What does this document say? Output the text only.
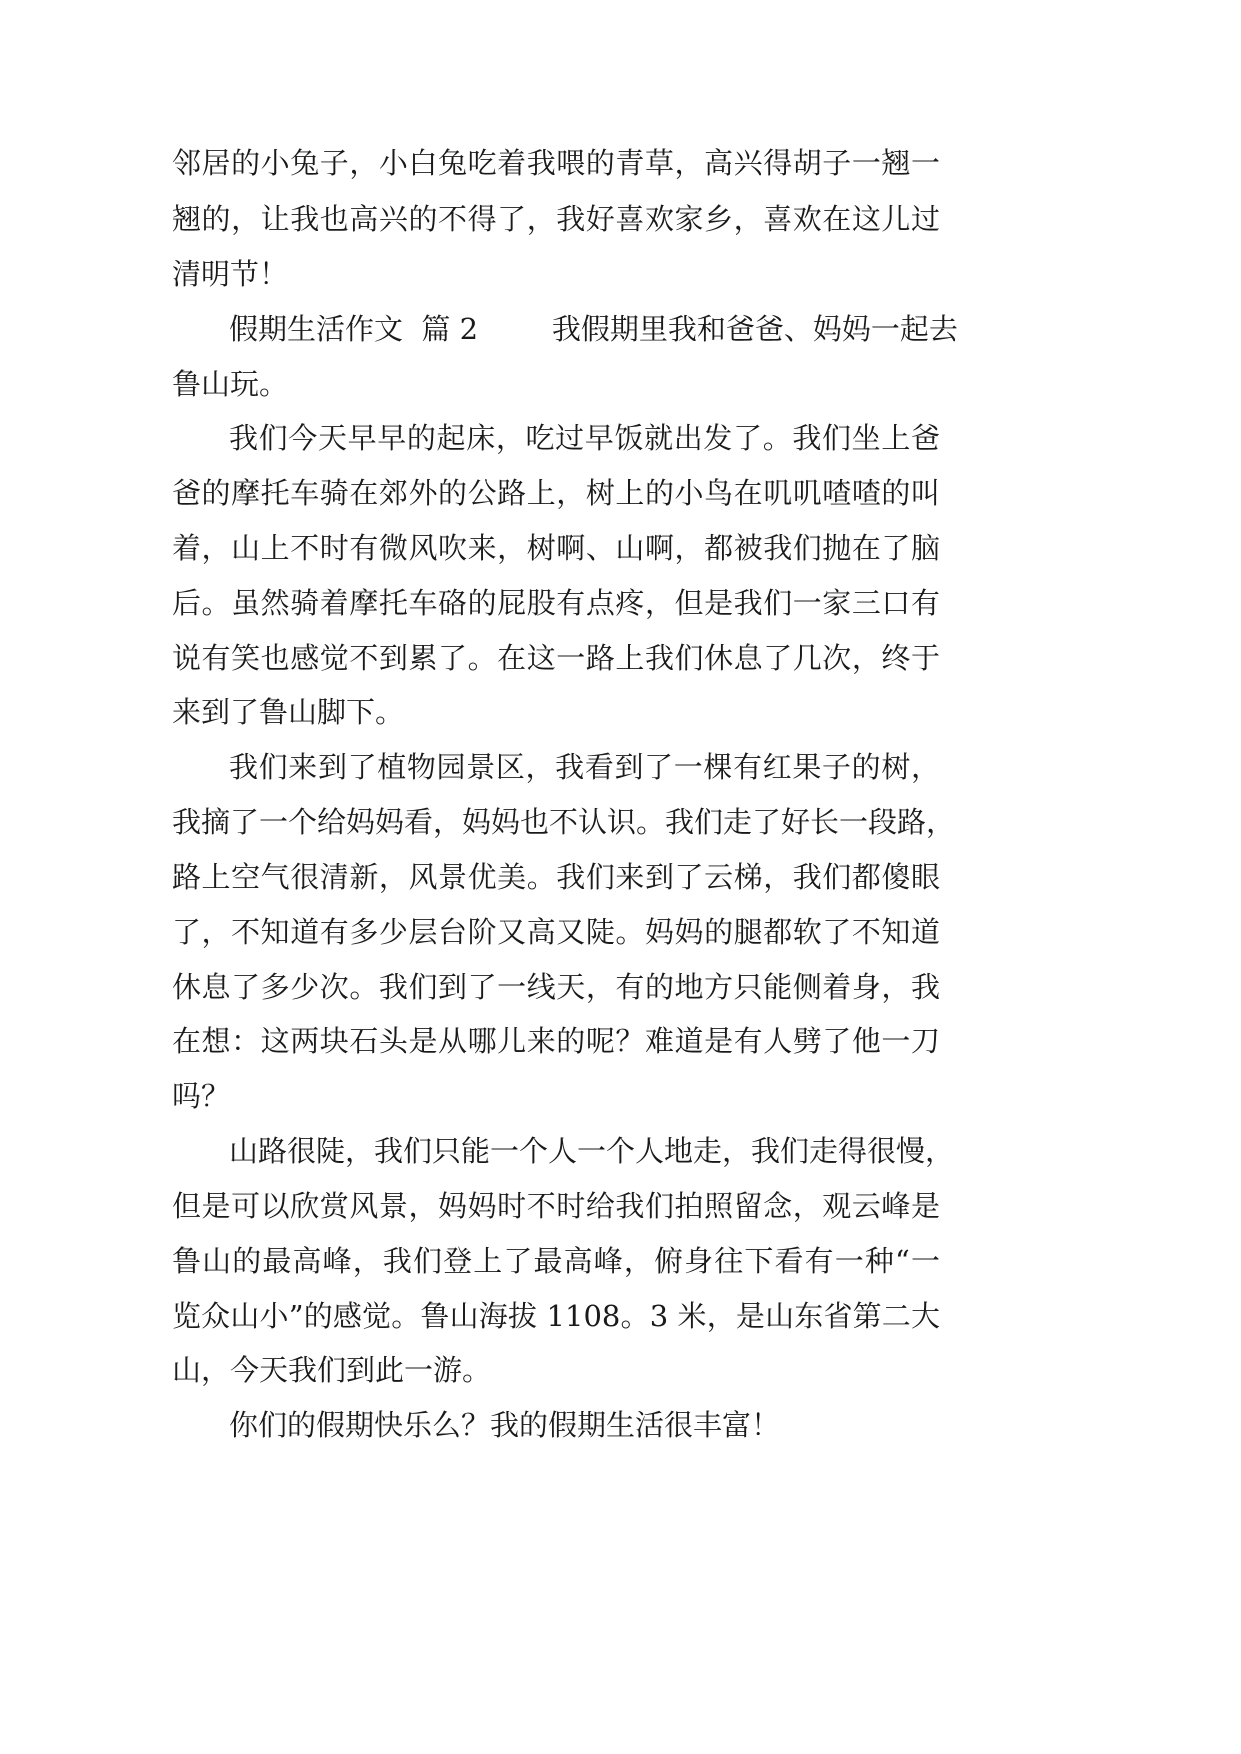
邻居的小兔子，小白兔吃着我喂的青草，高兴得胡子一翘一
翘的，让我也高兴的不得了，我好喜欢家乡，喜欢在这儿过
清明节！
假期生活作文  篇 2        我假期里我和爸爸、妈妈一起去
鲁山玩。
我们今天早早的起床，吃过早饭就出发了。我们坐上爸
爸的摩托车骑在郊外的公路上，树上的小鸟在叽叽喳喳的叫
着，山上不时有微风吹来，树啊、山啊，都被我们抛在了脑
后。虽然骑着摩托车硌的屁股有点疼，但是我们一家三口有
说有笑也感觉不到累了。在这一路上我们休息了几次，终于
来到了鲁山脚下。
我们来到了植物园景区，我看到了一棵有红果子的树，
我摘了一个给妈妈看，妈妈也不认识。我们走了好长一段路，
路上空气很清新，风景优美。我们来到了云梯，我们都傻眼
了，不知道有多少层台阶又高又陡。妈妈的腿都软了不知道
休息了多少次。我们到了一线天，有的地方只能侧着身，我
在想：这两块石头是从哪儿来的呢？难道是有人劈了他一刀
吗？
山路很陡，我们只能一个人一个人地走，我们走得很慢，
但是可以欣赏风景，妈妈时不时给我们拍照留念，观云峰是
鲁山的最高峰，我们登上了最高峰，俯身往下看有一种“一
览众山小”的感觉。鲁山海拔 1108。3 米，是山东省第二大
山，今天我们到此一游。
你们的假期快乐么？我的假期生活很丰富！
